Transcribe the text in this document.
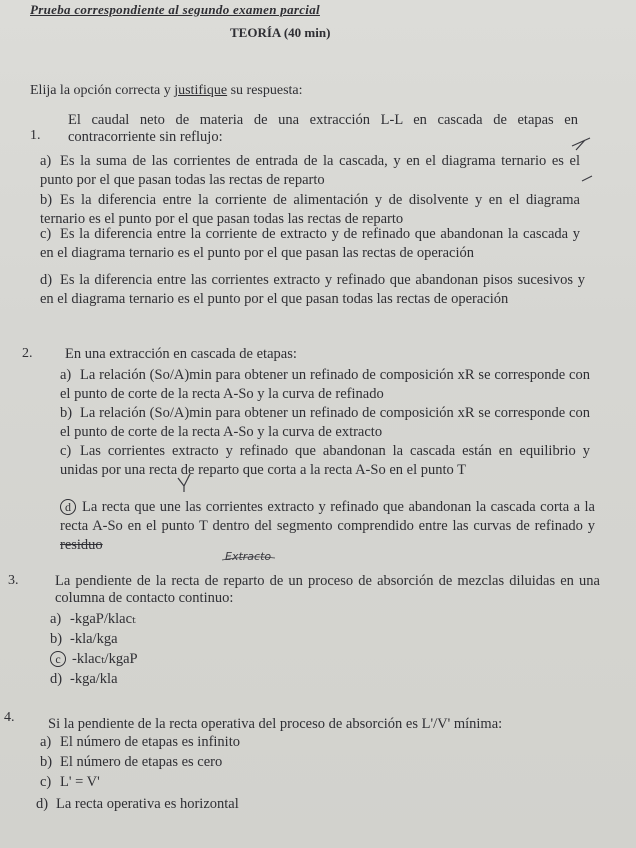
Prueba correspondiente al segundo examen parcial
TEORÍA (40 min)
Elija la opción correcta y justifique su respuesta:
1.
El caudal neto de materia de una extracción L-L en cascada de etapas en contracorriente sin reflujo:
a) Es la suma de las corrientes de entrada de la cascada, y en el diagrama ternario es el punto por el que pasan todas las rectas de reparto
b) Es la diferencia entre la corriente de alimentación y de disolvente y en el diagrama ternario es el punto por el que pasan todas las rectas de reparto
c) Es la diferencia entre la corriente de extracto y de refinado que abandonan la cascada y en el diagrama ternario es el punto por el que pasan las rectas de operación
d) Es la diferencia entre las corrientes extracto y refinado que abandonan pisos sucesivos y en el diagrama ternario es el punto por el que pasan todas las rectas de operación
2. En una extracción en cascada de etapas:
a) La relación (So/A)min para obtener un refinado de composición xR se corresponde con el punto de corte de la recta A-So y la curva de refinado
b) La relación (So/A)min para obtener un refinado de composición xR se corresponde con el punto de corte de la recta A-So y la curva de extracto
c) Las corrientes extracto y refinado que abandonan la cascada están en equilibrio y unidas por una recta de reparto que corta a la recta A-So en el punto T
d La recta que une las corrientes extracto y refinado que abandonan la cascada corta a la recta A-So en el punto T dentro del segmento comprendido entre las curvas de refinado y residuo
Extracto
3.	La pendiente de la recta de reparto de un proceso de absorción de mezclas diluidas en una columna de contacto continuo:
a) -kgaP/klacₜ
b) -kla/kga
c -klacₜ/kgaP
d) -kga/kla
4. Si la pendiente de la recta operativa del proceso de absorción es L'/V' mínima:
a) El número de etapas es infinito
b) El número de etapas es cero
c) L' = V'
d) La recta operativa es horizontal
